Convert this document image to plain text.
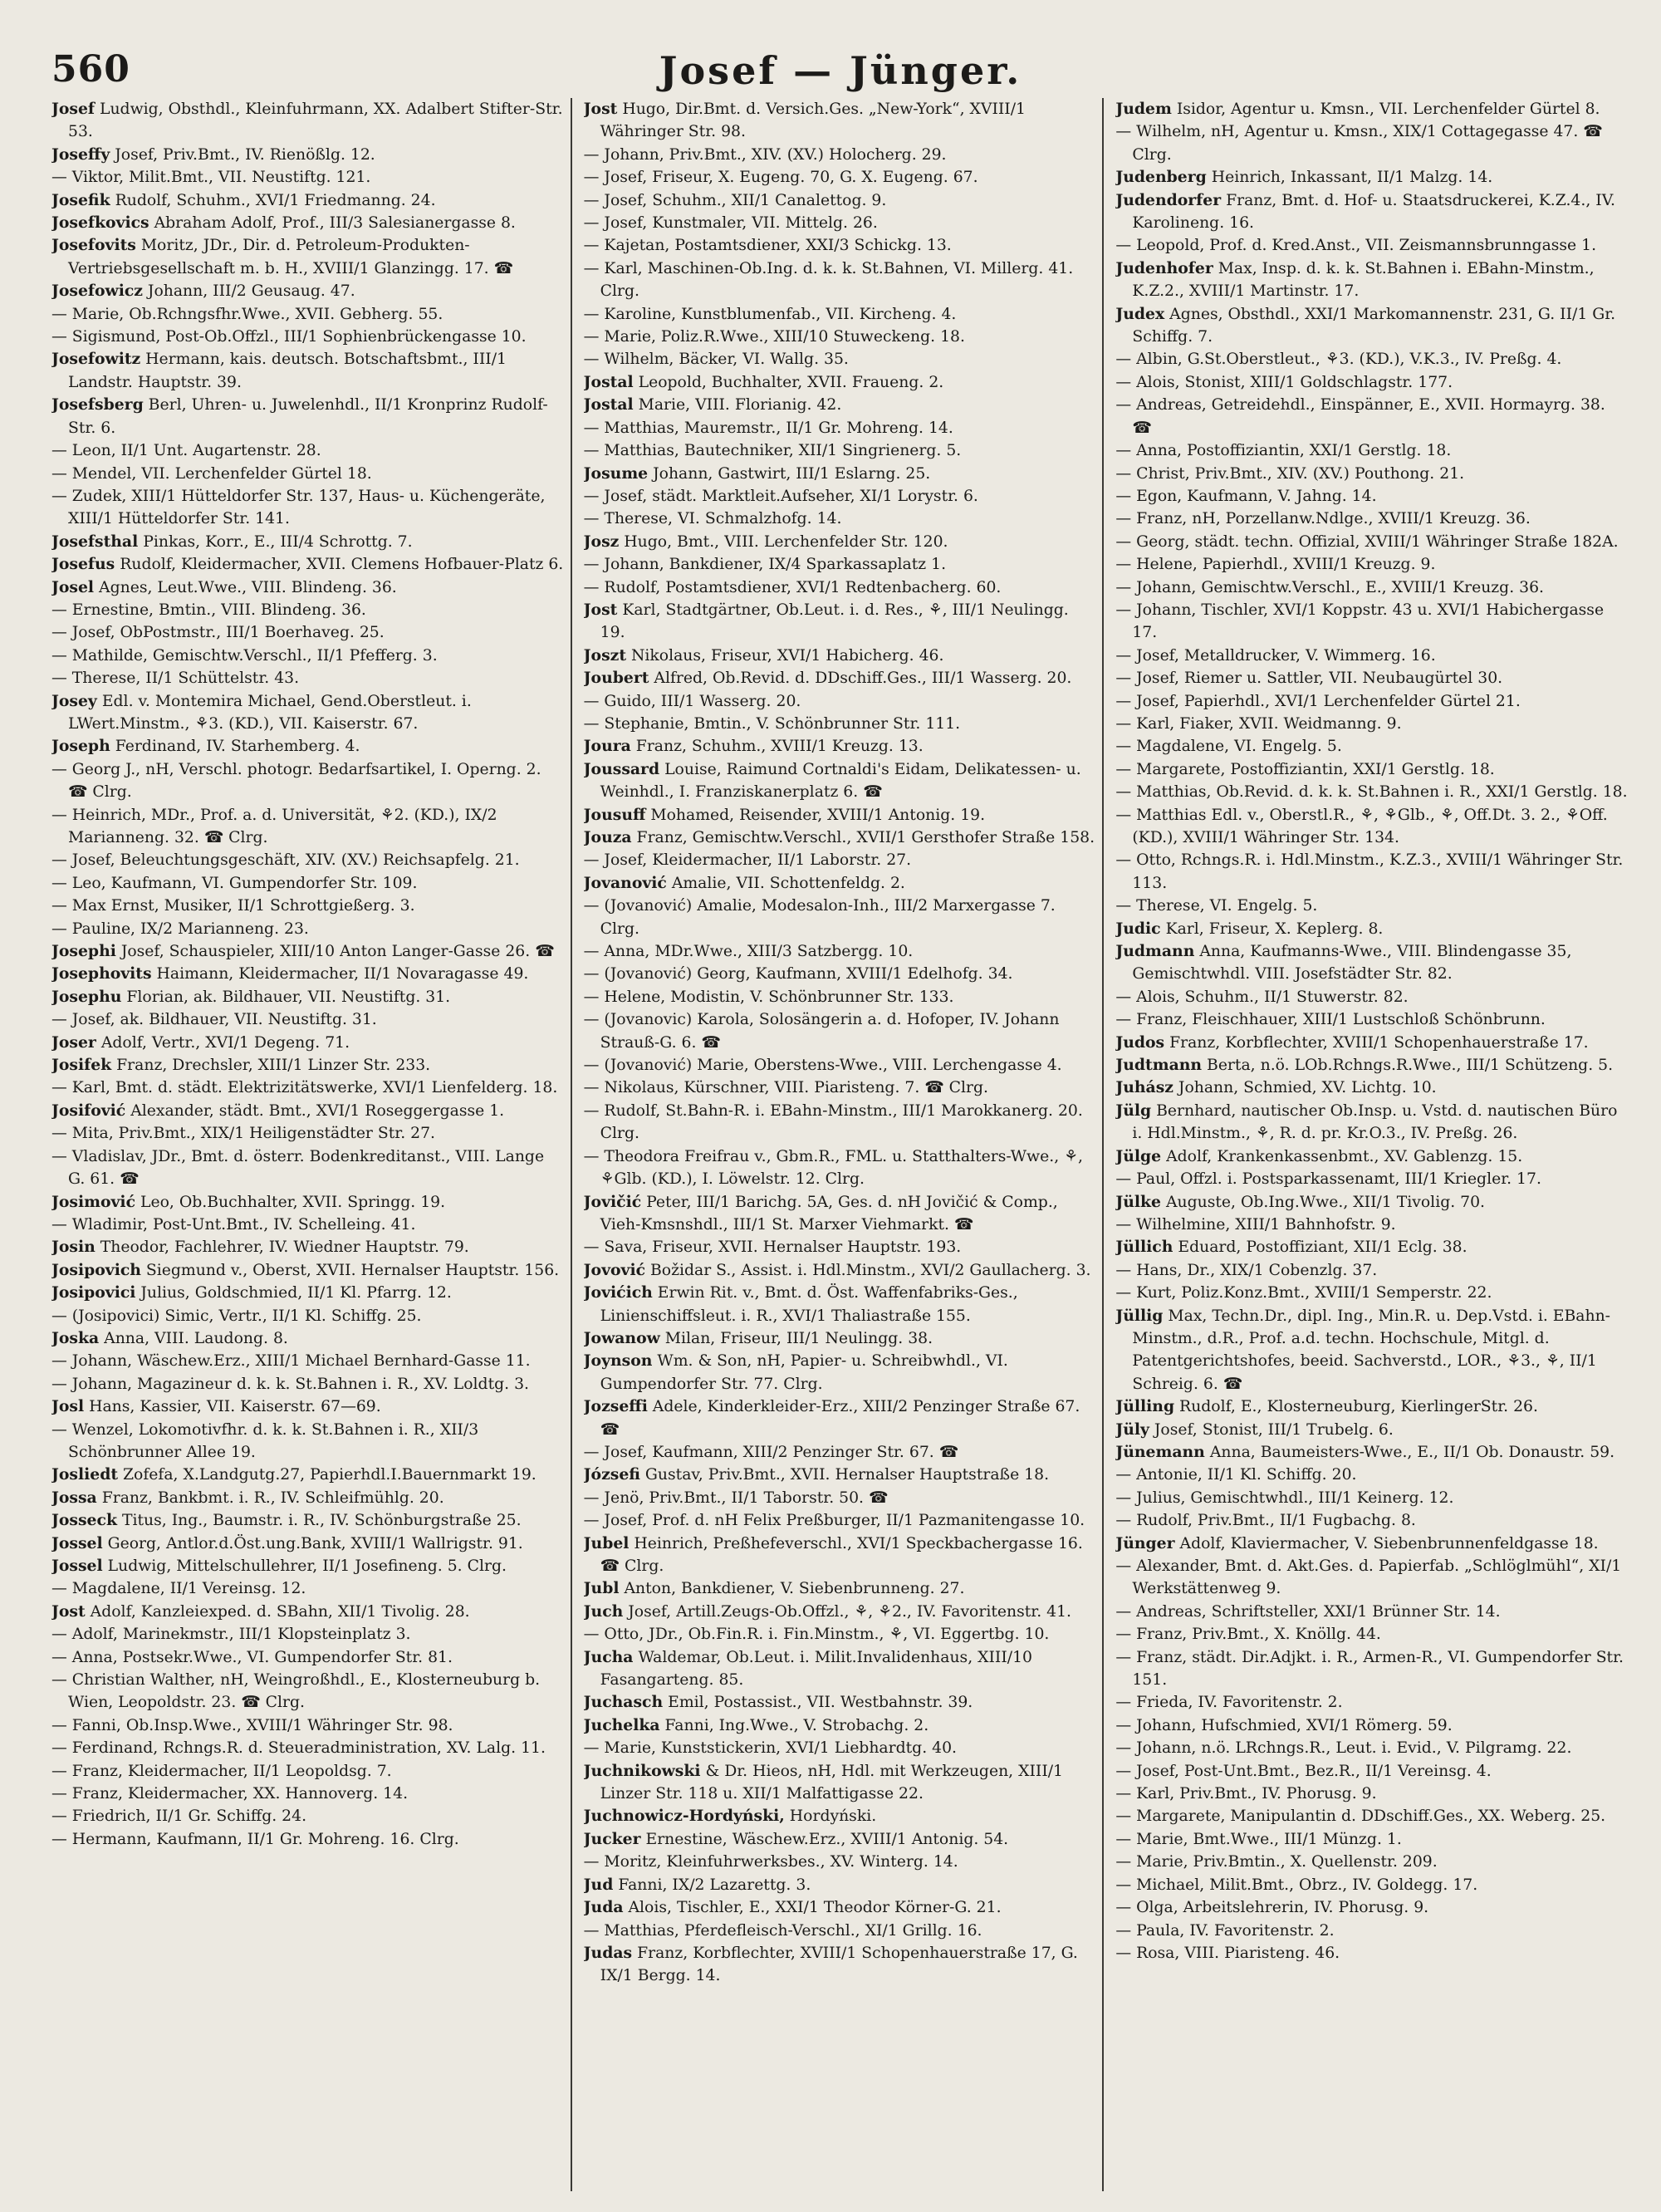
560	Josef — Jünger.
Josef Ludwig, Obsthdl., Kleinfuhrmann, XX. Adalbert Stifter-Str. 53.
Joseffy Josef, Priv.Bmt., IV. Rienößlg. 12.
— Viktor, Milit.Bmt., VII. Neustiftg. 121.
Josefik Rudolf, Schuhm., XVI/1 Friedmanng. 24.
Josefkovics Abraham Adolf, Prof., III/3 Salesianergasse 8.
Josefovits Moritz, JDr., Dir. d. Petroleum-Produkten-Vertriebsgesellschaft m. b. H., XVIII/1 Glanzingg. 17. ☎
Josefowicz Johann, III/2 Geusaug. 47.
— Marie, Ob.Rchngsfhr.Wwe., XVII. Gebherg. 55.
— Sigismund, Post-Ob.Offzl., III/1 Sophienbrückengasse 10.
Josefowitz Hermann, kais. deutsch. Botschaftsbmt., III/1 Landstr. Hauptstr. 39.
Josefsberg Berl, Uhren- u. Juwelenhdl., II/1 Kronprinz Rudolf-Str. 6.
— Leon, II/1 Unt. Augartenstr. 28.
— Mendel, VII. Lerchenfelder Gürtel 18.
— Zudek, XIII/1 Hütteldorfer Str. 137, Haus- u. Küchengeräte, XIII/1 Hütteldorfer Str. 141.
Josefsthal Pinkas, Korr., E., III/4 Schrottg. 7.
Josefus Rudolf, Kleidermacher, XVII. Clemens Hofbauer-Platz 6.
Josel Agnes, Leut.Wwe., VIII. Blindeng. 36.
— Ernestine, Bmtin., VIII. Blindeng. 36.
— Josef, ObPostmstr., III/1 Boerhaveg. 25.
— Mathilde, Gemischtw.Verschl., II/1 Pfefferg. 3.
— Therese, II/1 Schüttelstr. 43.
Josey Edl. v. Montemira Michael, Gend.Oberstleut. i. LWert.Minstm., ⚘3. (KD.), VII. Kaiserstr. 67.
Joseph Ferdinand, IV. Starhemberg. 4.
— Georg J., nH, Verschl. photogr. Bedarfsartikel, I. Operng. 2. ☎ Clrg.
— Heinrich, MDr., Prof. a. d. Universität, ⚘2. (KD.), IX/2 Marianneng. 32. ☎ Clrg.
— Josef, Beleuchtungsgeschäft, XIV. (XV.) Reichsapfelg. 21.
— Leo, Kaufmann, VI. Gumpendorfer Str. 109.
— Max Ernst, Musiker, II/1 Schrottgießerg. 3.
— Pauline, IX/2 Marianneng. 23.
Josephi Josef, Schauspieler, XIII/10 Anton Langer-Gasse 26. ☎
Josephovits Haimann, Kleidermacher, II/1 Novaragasse 49.
Josephu Florian, ak. Bildhauer, VII. Neustiftg. 31.
— Josef, ak. Bildhauer, VII. Neustiftg. 31.
Joser Adolf, Vertr., XVI/1 Degeng. 71.
Josifek Franz, Drechsler, XIII/1 Linzer Str. 233.
— Karl, Bmt. d. städt. Elektrizitätswerke, XVI/1 Lienfelderg. 18.
Josifović Alexander, städt. Bmt., XVI/1 Roseggergasse 1.
— Mita, Priv.Bmt., XIX/1 Heiligenstädter Str. 27.
— Vladislav, JDr., Bmt. d. österr. Bodenkreditanst., VIII. Lange G. 61. ☎
Josimović Leo, Ob.Buchhalter, XVII. Springg. 19.
— Wladimir, Post-Unt.Bmt., IV. Schelleing. 41.
Josin Theodor, Fachlehrer, IV. Wiedner Hauptstr. 79.
Josipovich Siegmund v., Oberst, XVII. Hernalser Hauptstr. 156.
Josipovici Julius, Goldschmied, II/1 Kl. Pfarrg. 12.
— (Josipovici) Simic, Vertr., II/1 Kl. Schiffg. 25.
Joska Anna, VIII. Laudong. 8.
— Johann, Wäschew.Erz., XIII/1 Michael Bernhard-Gasse 11.
— Johann, Magazineur d. k. k. St.Bahnen i. R., XV. Loldtg. 3.
Josl Hans, Kassier, VII. Kaiserstr. 67—69.
— Wenzel, Lokomotivfhr. d. k. k. St.Bahnen i. R., XII/3 Schönbrunner Allee 19.
Josliedt Zofefa, X.Landgutg.27, Papierhdl.I.Bauernmarkt 19.
Jossa Franz, Bankbmt. i. R., IV. Schleifmühlg. 20.
Josseck Titus, Ing., Baumstr. i. R., IV. Schönburgstraße 25.
Jossel Georg, Antlor.d.Öst.ung.Bank, XVIII/1 Wallrigstr. 91.
Jossel Ludwig, Mittelschullehrer, II/1 Josefineng. 5. Clrg.
— Magdalene, II/1 Vereinsg. 12.
Jost Adolf, Kanzleiexped. d. SBahn, XII/1 Tivolig. 28.
— Adolf, Marinekmstr., III/1 Klopsteinplatz 3.
— Anna, Postsekr.Wwe., VI. Gumpendorfer Str. 81.
— Christian Walther, nH, Weingroßhdl., E., Klosterneuburg b. Wien, Leopoldstr. 23. ☎ Clrg.
— Fanni, Ob.Insp.Wwe., XVIII/1 Währinger Str. 98.
— Ferdinand, Rchngs.R. d. Steueradministration, XV. Lalg. 11.
— Franz, Kleidermacher, II/1 Leopoldsg. 7.
— Franz, Kleidermacher, XX. Hannoverg. 14.
— Friedrich, II/1 Gr. Schiffg. 24.
— Hermann, Kaufmann, II/1 Gr. Mohreng. 16. Clrg.
Jost Hugo, Dir.Bmt. d. Versich.Ges. „New-York“, XVIII/1 Währinger Str. 98.
— Johann, Priv.Bmt., XIV. (XV.) Holocherg. 29.
— Josef, Friseur, X. Eugeng. 70, G. X. Eugeng. 67.
— Josef, Schuhm., XII/1 Canalettog. 9.
— Josef, Kunstmaler, VII. Mittelg. 26.
— Kajetan, Postamtsdiener, XXI/3 Schickg. 13.
— Karl, Maschinen-Ob.Ing. d. k. k. St.Bahnen, VI. Millerg. 41. Clrg.
— Karoline, Kunstblumenfab., VII. Kircheng. 4.
— Marie, Poliz.R.Wwe., XIII/10 Stuweckeng. 18.
— Wilhelm, Bäcker, VI. Wallg. 35.
Jostal Leopold, Buchhalter, XVII. Fraueng. 2.
Jostal Marie, VIII. Florianig. 42.
— Matthias, Mauremstr., II/1 Gr. Mohreng. 14.
— Matthias, Bautechniker, XII/1 Singrienerg. 5.
Josume Johann, Gastwirt, III/1 Eslarng. 25.
— Josef, städt. Marktleit.Aufseher, XI/1 Lorystr. 6.
— Therese, VI. Schmalzhofg. 14.
Josz Hugo, Bmt., VIII. Lerchenfelder Str. 120.
— Johann, Bankdiener, IX/4 Sparkassaplatz 1.
— Rudolf, Postamtsdiener, XVI/1 Redtenbacherg. 60.
Jost Karl, Stadtgärtner, Ob.Leut. i. d. Res., ⚘, III/1 Neulingg. 19.
Joszt Nikolaus, Friseur, XVI/1 Habicherg. 46.
Joubert Alfred, Ob.Revid. d. DDschiff.Ges., III/1 Wasserg. 20.
— Guido, III/1 Wasserg. 20.
— Stephanie, Bmtin., V. Schönbrunner Str. 111.
Joura Franz, Schuhm., XVIII/1 Kreuzg. 13.
Joussard Louise, Raimund Cortnaldi's Eidam, Delikatessen- u. Weinhdl., I. Franziskanerplatz 6. ☎
Jousuff Mohamed, Reisender, XVIII/1 Antonig. 19.
Jouza Franz, Gemischtw.Verschl., XVII/1 Gersthofer Straße 158.
— Josef, Kleidermacher, II/1 Laborstr. 27.
Jovanović Amalie, VII. Schottenfeldg. 2.
— (Jovanović) Amalie, Modesalon-Inh., III/2 Marxergasse 7. Clrg.
— Anna, MDr.Wwe., XIII/3 Satzbergg. 10.
— (Jovanović) Georg, Kaufmann, XVIII/1 Edelhofg. 34.
— Helene, Modistin, V. Schönbrunner Str. 133.
— (Jovanovic) Karola, Solosängerin a. d. Hofoper, IV. Johann Strauß-G. 6. ☎
— (Jovanović) Marie, Oberstens-Wwe., VIII. Lerchengasse 4.
— Nikolaus, Kürschner, VIII. Piaristeng. 7. ☎ Clrg.
— Rudolf, St.Bahn-R. i. EBahn-Minstm., III/1 Marokkanerg. 20. Clrg.
— Theodora Freifrau v., Gbm.R., FML. u. Statthalters-Wwe., ⚘, ⚘Glb. (KD.), I. Löwelstr. 12. Clrg.
Jovičić Peter, III/1 Barichg. 5A, Ges. d. nH Jovičić & Comp., Vieh-Kmsnshdl., III/1 St. Marxer Viehmarkt. ☎
— Sava, Friseur, XVII. Hernalser Hauptstr. 193.
Jovović Božidar S., Assist. i. Hdl.Minstm., XVI/2 Gaullacherg. 3.
Jovićich Erwin Rit. v., Bmt. d. Öst. Waffenfabriks-Ges., Linienschiffsleut. i. R., XVI/1 Thaliastraße 155.
Jowanow Milan, Friseur, III/1 Neulingg. 38.
Joynson Wm. & Son, nH, Papier- u. Schreibwhdl., VI. Gumpendorfer Str. 77. Clrg.
Jozseffi Adele, Kinderkleider-Erz., XIII/2 Penzinger Straße 67. ☎
— Josef, Kaufmann, XIII/2 Penzinger Str. 67. ☎
Józsefi Gustav, Priv.Bmt., XVII. Hernalser Hauptstraße 18.
— Jenö, Priv.Bmt., II/1 Taborstr. 50. ☎
— Josef, Prof. d. nH Felix Preßburger, II/1 Pazmanitengasse 10.
Jubel Heinrich, Preßhefeverschl., XVI/1 Speckbachergasse 16. ☎ Clrg.
Jubl Anton, Bankdiener, V. Siebenbrunneng. 27.
Juch Josef, Artill.Zeugs-Ob.Offzl., ⚘, ⚘2., IV. Favoritenstr. 41.
— Otto, JDr., Ob.Fin.R. i. Fin.Minstm., ⚘, VI. Eggertbg. 10.
Jucha Waldemar, Ob.Leut. i. Milit.Invalidenhaus, XIII/10 Fasangarteng. 85.
Juchasch Emil, Postassist., VII. Westbahnstr. 39.
Juchelka Fanni, Ing.Wwe., V. Strobachg. 2.
— Marie, Kunststickerin, XVI/1 Liebhardtg. 40.
Juchnikowski & Dr. Hieos, nH, Hdl. mit Werkzeugen, XIII/1 Linzer Str. 118 u. XII/1 Malfattigasse 22.
Juchnowicz-Hordyński, Hordyński.
Jucker Ernestine, Wäschew.Erz., XVIII/1 Antonig. 54.
— Moritz, Kleinfuhrwerksbes., XV. Winterg. 14.
Jud Fanni, IX/2 Lazarettg. 3.
Juda Alois, Tischler, E., XXI/1 Theodor Körner-G. 21.
— Matthias, Pferdefleisch-Verschl., XI/1 Grillg. 16.
Judas Franz, Korbflechter, XVIII/1 Schopenhauerstraße 17, G. IX/1 Bergg. 14.
Judem Isidor, Agentur u. Kmsn., VII. Lerchenfelder Gürtel 8.
— Wilhelm, nH, Agentur u. Kmsn., XIX/1 Cottagegasse 47. ☎ Clrg.
Judenberg Heinrich, Inkassant, II/1 Malzg. 14.
Judendorfer Franz, Bmt. d. Hof- u. Staatsdruckerei, K.Z.4., IV. Karolineng. 16.
— Leopold, Prof. d. Kred.Anst., VII. Zeismannsbrunngasse 1.
Judenhofer Max, Insp. d. k. k. St.Bahnen i. EBahn-Minstm., K.Z.2., XVIII/1 Martinstr. 17.
Judex Agnes, Obsthdl., XXI/1 Markomannenstr. 231, G. II/1 Gr. Schiffg. 7.
— Albin, G.St.Oberstleut., ⚘3. (KD.), V.K.3., IV. Preßg. 4.
— Alois, Stonist, XIII/1 Goldschlagstr. 177.
— Andreas, Getreidehdl., Einspänner, E., XVII. Hormayrg. 38. ☎
— Anna, Postoffiziantin, XXI/1 Gerstlg. 18.
— Christ, Priv.Bmt., XIV. (XV.) Pouthong. 21.
— Egon, Kaufmann, V. Jahng. 14.
— Franz, nH, Porzellanw.Ndlge., XVIII/1 Kreuzg. 36.
— Georg, städt. techn. Offizial, XVIII/1 Währinger Straße 182A.
— Helene, Papierhdl., XVIII/1 Kreuzg. 9.
— Johann, Gemischtw.Verschl., E., XVIII/1 Kreuzg. 36.
— Johann, Tischler, XVI/1 Koppstr. 43 u. XVI/1 Habichergasse 17.
— Josef, Metalldrucker, V. Wimmerg. 16.
— Josef, Riemer u. Sattler, VII. Neubaugürtel 30.
— Josef, Papierhdl., XVI/1 Lerchenfelder Gürtel 21.
— Karl, Fiaker, XVII. Weidmanng. 9.
— Magdalene, VI. Engelg. 5.
— Margarete, Postoffiziantin, XXI/1 Gerstlg. 18.
— Matthias, Ob.Revid. d. k. k. St.Bahnen i. R., XXI/1 Gerstlg. 18.
— Matthias Edl. v., Oberstl.R., ⚘, ⚘Glb., ⚘, Off.Dt. 3. 2., ⚘Off. (KD.), XVIII/1 Währinger Str. 134.
— Otto, Rchngs.R. i. Hdl.Minstm., K.Z.3., XVIII/1 Währinger Str. 113.
— Therese, VI. Engelg. 5.
Judic Karl, Friseur, X. Keplerg. 8.
Judmann Anna, Kaufmanns-Wwe., VIII. Blindengasse 35, Gemischtwhdl. VIII. Josefstädter Str. 82.
— Alois, Schuhm., II/1 Stuwerstr. 82.
— Franz, Fleischhauer, XIII/1 Lustschloß Schönbrunn.
Judos Franz, Korbflechter, XVIII/1 Schopenhauerstraße 17.
Judtmann Berta, n.ö. LOb.Rchngs.R.Wwe., III/1 Schützeng. 5.
Juhász Johann, Schmied, XV. Lichtg. 10.
Jülg Bernhard, nautischer Ob.Insp. u. Vstd. d. nautischen Büro i. Hdl.Minstm., ⚘, R. d. pr. Kr.O.3., IV. Preßg. 26.
Jülge Adolf, Krankenkassenbmt., XV. Gablenzg. 15.
— Paul, Offzl. i. Postsparkassenamt, III/1 Kriegler. 17.
Jülke Auguste, Ob.Ing.Wwe., XII/1 Tivolig. 70.
— Wilhelmine, XIII/1 Bahnhofstr. 9.
Jüllich Eduard, Postoffiziant, XII/1 Eclg. 38.
— Hans, Dr., XIX/1 Cobenzlg. 37.
— Kurt, Poliz.Konz.Bmt., XVIII/1 Semperstr. 22.
Jüllig Max, Techn.Dr., dipl. Ing., Min.R. u. Dep.Vstd. i. EBahn-Minstm., d.R., Prof. a.d. techn. Hochschule, Mitgl. d. Patentgerichtshofes, beeid. Sachverstd., LOR., ⚘3., ⚘, II/1 Schreig. 6. ☎
Jülling Rudolf, E., Klosterneuburg, KierlingerStr. 26.
Jüly Josef, Stonist, III/1 Trubelg. 6.
Jünemann Anna, Baumeisters-Wwe., E., II/1 Ob. Donaustr. 59.
— Antonie, II/1 Kl. Schiffg. 20.
— Julius, Gemischtwhdl., III/1 Keinerg. 12.
— Rudolf, Priv.Bmt., II/1 Fugbachg. 8.
Jünger Adolf, Klaviermacher, V. Siebenbrunnenfeldgasse 18.
— Alexander, Bmt. d. Akt.Ges. d. Papierfab. „Schlöglmühl“, XI/1 Werkstättenweg 9.
— Andreas, Schriftsteller, XXI/1 Brünner Str. 14.
— Franz, Priv.Bmt., X. Knöllg. 44.
— Franz, städt. Dir.Adjkt. i. R., Armen-R., VI. Gumpendorfer Str. 151.
— Frieda, IV. Favoritenstr. 2.
— Johann, Hufschmied, XVI/1 Römerg. 59.
— Johann, n.ö. LRchngs.R., Leut. i. Evid., V. Pilgramg. 22.
— Josef, Post-Unt.Bmt., Bez.R., II/1 Vereinsg. 4.
— Karl, Priv.Bmt., IV. Phorusg. 9.
— Margarete, Manipulantin d. DDschiff.Ges., XX. Weberg. 25.
— Marie, Bmt.Wwe., III/1 Münzg. 1.
— Marie, Priv.Bmtin., X. Quellenstr. 209.
— Michael, Milit.Bmt., Obrz., IV. Goldegg. 17.
— Olga, Arbeitslehrerin, IV. Phorusg. 9.
— Paula, IV. Favoritenstr. 2.
— Rosa, VIII. Piaristeng. 46.
